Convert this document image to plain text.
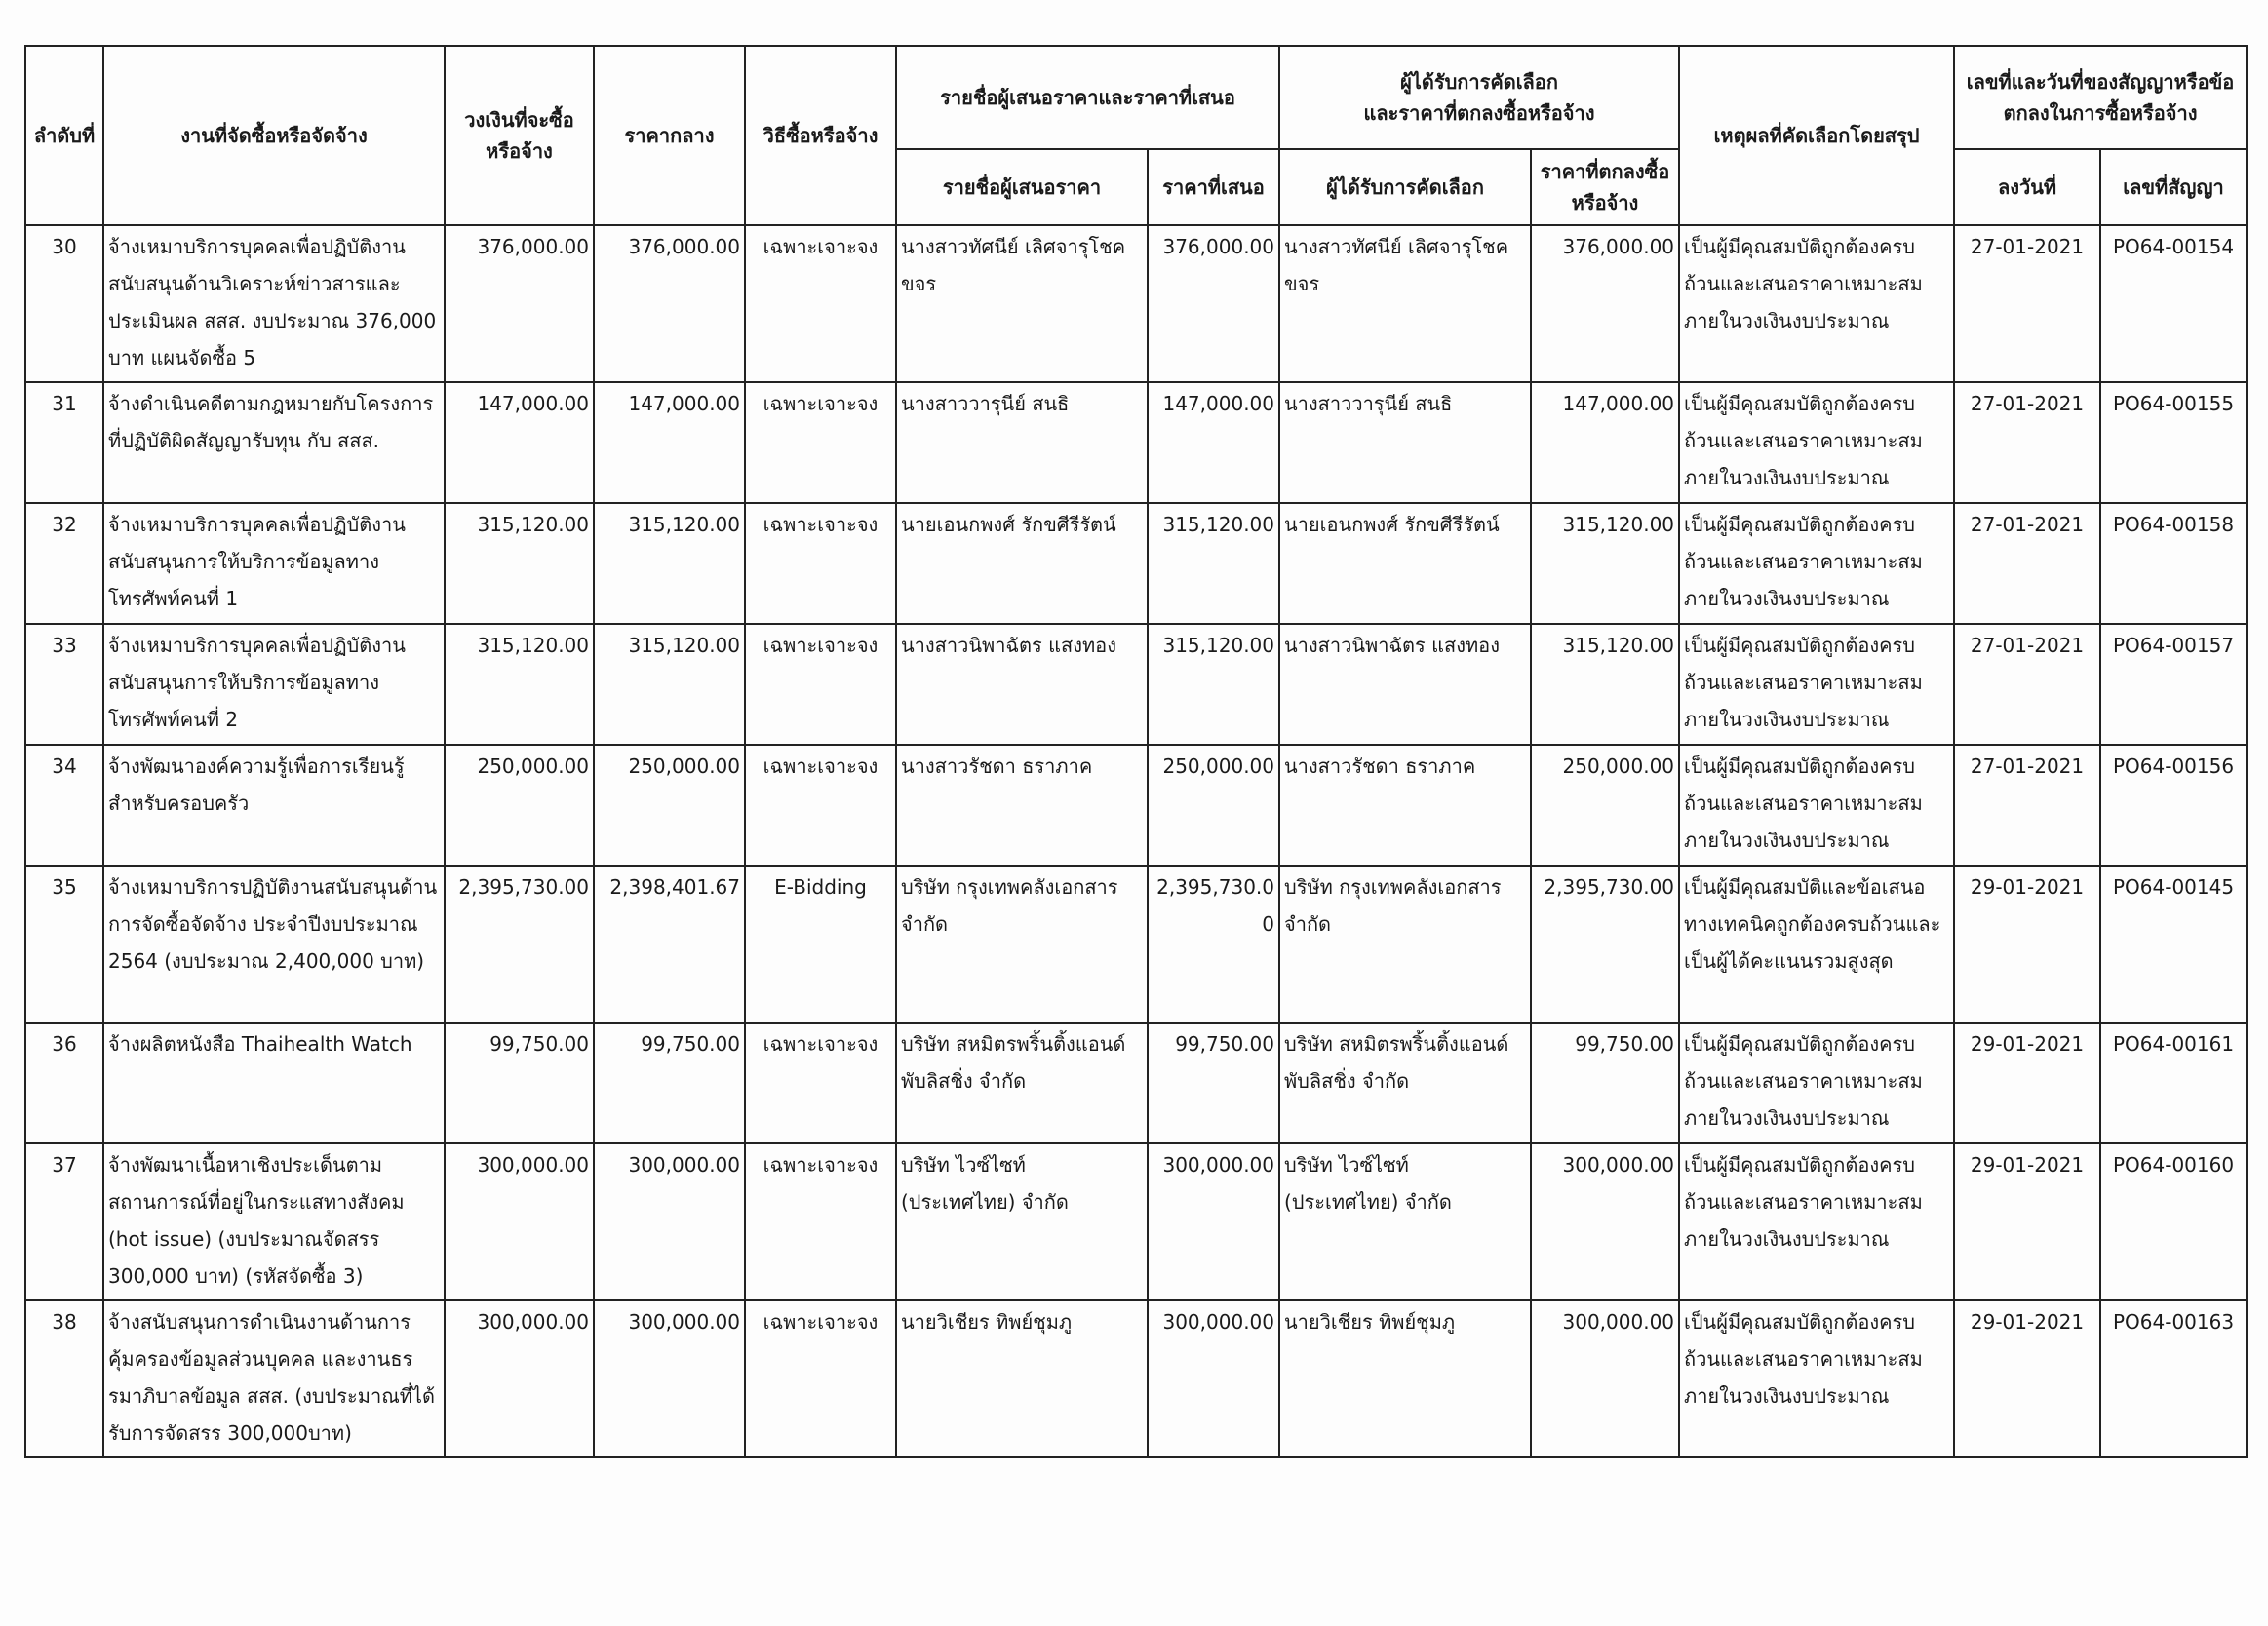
ลำดับที่	งานที่จัดซื้อหรือจัดจ้าง	วงเงินที่จะซื้อหรือจ้าง	ราคากลาง	วิธีซื้อหรือจ้าง	รายชื่อผู้เสนอราคาและราคาที่เสนอ		ผู้ได้รับการคัดเลือก
และราคาที่ตกลงซื้อหรือจ้าง		เหตุผลที่คัดเลือกโดยสรุป	เลขที่และวันที่ของสัญญาหรือข้อตกลงในการซื้อหรือจ้าง	
					รายชื่อผู้เสนอราคา	ราคาที่เสนอ	ผู้ได้รับการคัดเลือก	ราคาที่ตกลงซื้อหรือจ้าง		ลงวันที่	เลขที่สัญญา
30	จ้างเหมาบริการบุคคลเพื่อปฏิบัติงานสนับสนุนด้านวิเคราะห์ข่าวสารและประเมินผล สสส. งบประมาณ 376,000 บาท แผนจัดซื้อ 5	376,000.00	376,000.00	เฉพาะเจาะจง	นางสาวทัศนีย์ เลิศจารุโชคขจร	376,000.00	นางสาวทัศนีย์ เลิศจารุโชคขจร	376,000.00	เป็นผู้มีคุณสมบัติถูกต้องครบถ้วนและเสนอราคาเหมาะสมภายในวงเงินงบประมาณ	27-01-2021	PO64-00154
31	จ้างดำเนินคดีตามกฎหมายกับโครงการที่ปฏิบัติผิดสัญญารับทุน กับ สสส.	147,000.00	147,000.00	เฉพาะเจาะจง	นางสาววารุนีย์ สนธิ	147,000.00	นางสาววารุนีย์ สนธิ	147,000.00	เป็นผู้มีคุณสมบัติถูกต้องครบถ้วนและเสนอราคาเหมาะสมภายในวงเงินงบประมาณ	27-01-2021	PO64-00155
32	จ้างเหมาบริการบุคคลเพื่อปฏิบัติงานสนับสนุนการให้บริการข้อมูลทางโทรศัพท์คนที่ 1	315,120.00	315,120.00	เฉพาะเจาะจง	นายเอนกพงศ์ รักขศีรีรัตน์	315,120.00	นายเอนกพงศ์ รักขศีรีรัตน์	315,120.00	เป็นผู้มีคุณสมบัติถูกต้องครบถ้วนและเสนอราคาเหมาะสมภายในวงเงินงบประมาณ	27-01-2021	PO64-00158
33	จ้างเหมาบริการบุคคลเพื่อปฏิบัติงานสนับสนุนการให้บริการข้อมูลทางโทรศัพท์คนที่ 2	315,120.00	315,120.00	เฉพาะเจาะจง	นางสาวนิพาฉัตร แสงทอง	315,120.00	นางสาวนิพาฉัตร แสงทอง	315,120.00	เป็นผู้มีคุณสมบัติถูกต้องครบถ้วนและเสนอราคาเหมาะสมภายในวงเงินงบประมาณ	27-01-2021	PO64-00157
34	จ้างพัฒนาองค์ความรู้เพื่อการเรียนรู้สำหรับครอบครัว	250,000.00	250,000.00	เฉพาะเจาะจง	นางสาวรัชดา ธราภาค	250,000.00	นางสาวรัชดา ธราภาค	250,000.00	เป็นผู้มีคุณสมบัติถูกต้องครบถ้วนและเสนอราคาเหมาะสมภายในวงเงินงบประมาณ	27-01-2021	PO64-00156
35	จ้างเหมาบริการปฏิบัติงานสนับสนุนด้านการจัดซื้อจัดจ้าง ประจำปีงบประมาณ 2564 (งบประมาณ 2,400,000 บาท)	2,395,730.00	2,398,401.67	E-Bidding	บริษัท กรุงเทพคลังเอกสาร จำกัด	2,395,730.00	บริษัท กรุงเทพคลังเอกสาร จำกัด	2,395,730.00	เป็นผู้มีคุณสมบัติและข้อเสนอทางเทคนิคถูกต้องครบถ้วนและเป็นผู้ได้คะแนนรวมสูงสุด	29-01-2021	PO64-00145
36	จ้างผลิตหนังสือ Thaihealth Watch	99,750.00	99,750.00	เฉพาะเจาะจง	บริษัท สหมิตรพริ้นติ้งแอนด์พับลิสชิ่ง จำกัด	99,750.00	บริษัท สหมิตรพริ้นติ้งแอนด์พับลิสชิ่ง จำกัด	99,750.00	เป็นผู้มีคุณสมบัติถูกต้องครบถ้วนและเสนอราคาเหมาะสมภายในวงเงินงบประมาณ	29-01-2021	PO64-00161
37	จ้างพัฒนาเนื้อหาเชิงประเด็นตามสถานการณ์ที่อยู่ในกระแสทางสังคม (hot issue) (งบประมาณจัดสรร 300,000 บาท) (รหัสจัดซื้อ 3)	300,000.00	300,000.00	เฉพาะเจาะจง	บริษัท ไวซ์ไซท์ (ประเทศไทย) จำกัด	300,000.00	บริษัท ไวซ์ไซท์ (ประเทศไทย) จำกัด	300,000.00	เป็นผู้มีคุณสมบัติถูกต้องครบถ้วนและเสนอราคาเหมาะสมภายในวงเงินงบประมาณ	29-01-2021	PO64-00160
38	จ้างสนับสนุนการดำเนินงานด้านการคุ้มครองข้อมูลส่วนบุคคล และงานธรรมาภิบาลข้อมูล สสส. (งบประมาณที่ได้รับการจัดสรร 300,000บาท)	300,000.00	300,000.00	เฉพาะเจาะจง	นายวิเชียร ทิพย์ชุมภู	300,000.00	นายวิเชียร ทิพย์ชุมภู	300,000.00	เป็นผู้มีคุณสมบัติถูกต้องครบถ้วนและเสนอราคาเหมาะสมภายในวงเงินงบประมาณ	29-01-2021	PO64-00163
